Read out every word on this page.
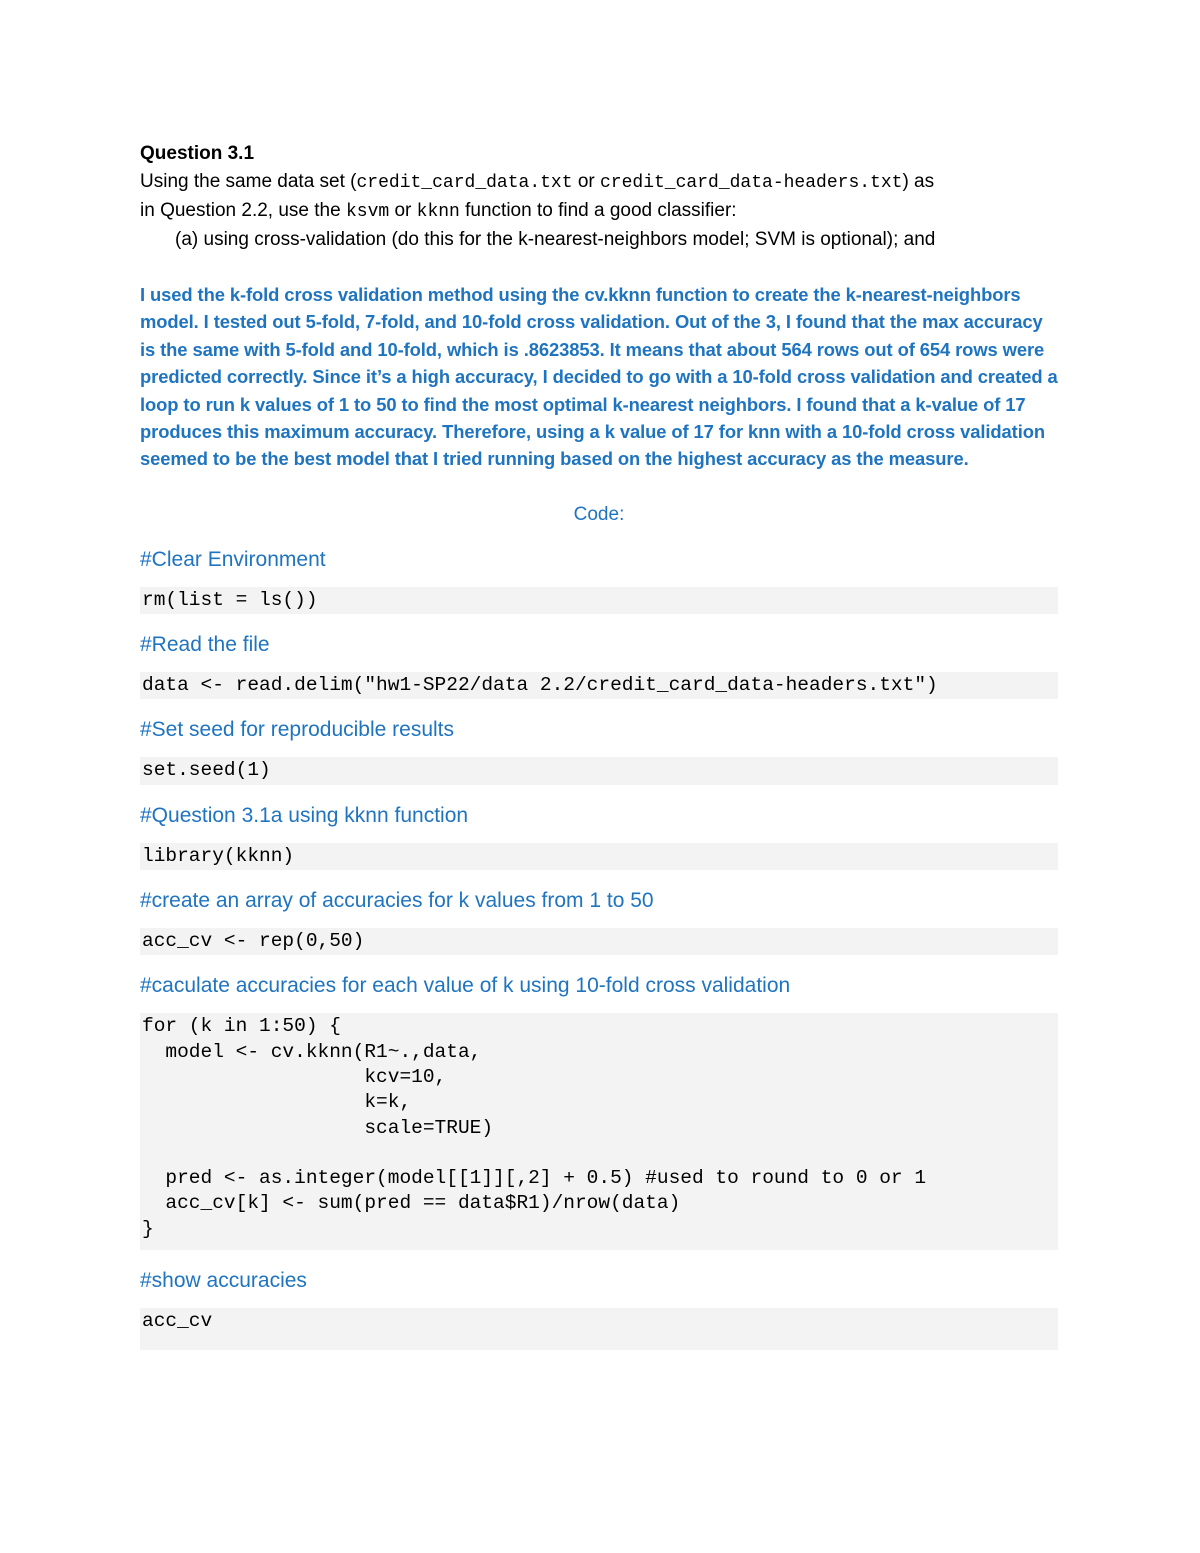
Question 3.1

Using the same data set (credit_card_data.txt or credit_card_data-headers.txt) as

in Question 2.2, use the ksvm or kknn function to find a good classifier:

(a) using cross-validation (do this for the k-nearest-neighbors model; SVM is optional); and

I used the k-fold cross validation method using the cv.kknn function to create the k-nearest-neighbors model. I tested out 5-fold, 7-fold, and 10-fold cross validation. Out of the 3, I found that the max accuracy is the same with 5-fold and 10-fold, which is .8623853. It means that about 564 rows out of 654 rows were predicted correctly. Since it’s a high accuracy, I decided to go with a 10-fold cross validation and created a loop to run k values of 1 to 50 to find the most optimal k-nearest neighbors. I found that a k-value of 17 produces this maximum accuracy. Therefore, using a k value of 17 for knn with a 10-fold cross validation seemed to be the best model that I tried running based on the highest accuracy as the measure.

Code:

#Clear Environment

rm(list = ls())

#Read the file

data <- read.delim("hw1-SP22/data 2.2/credit_card_data-headers.txt")

#Set seed for reproducible results

set.seed(1)

#Question 3.1a using kknn function

library(kknn)

#create an array of accuracies for k values from 1 to 50

acc_cv <- rep(0,50)

#caculate accuracies for each value of k using 10-fold cross validation

for (k in 1:50) {
model <- cv.kknn(R1~.,data,
kcv=10,
k=k,
scale=TRUE)

pred <- as.integer(model[[1]][,2] + 0.5) #used to round to 0 or 1
acc_cv[k] <- sum(pred == data$R1)/nrow(data)
}

#show accuracies

acc_cv
